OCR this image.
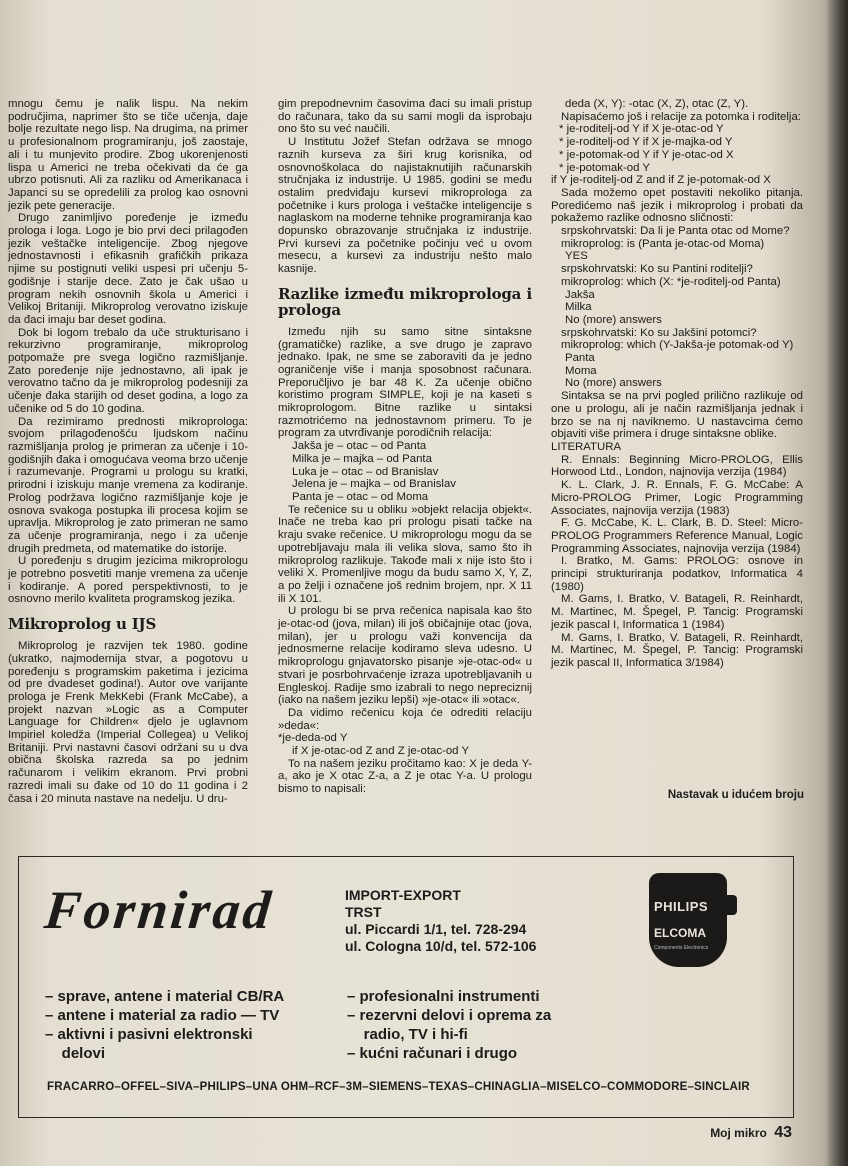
mnogu čemu je nalik lispu. Na nekim područjima, naprimer što se tiče učenja, daje bolje rezultate nego lisp. Na drugima, na primer u profesionalnom programiranju, još zaostaje, ali i tu munjevito prodire. Zbog ukorenjenosti lispa u Americi ne treba očekivati da će ga ubrzo potisnuti. Ali za razliku od Amerikanaca i Japanci su se opredelili za prolog kao osnovni jezik pete generacije.

Drugo zanimljivo poređenje je između prologa i loga. Logo je bio prvi deci prilagođen jezik veštačke inteligencije. Zbog njegove jednostavnosti i efikasnih grafičkih prikaza njime su postignuti veliki uspesi pri učenju 5-godišnje i starije dece. Zato je čak ušao u program nekih osnovnih škola u Americi i Velikoj Britaniji. Mikroprolog verovatno iziskuje da đaci imaju bar deset godina.

Dok bi logom trebalo da uče strukturisano i rekurzivno programiranje, mikroprolog potpomaže pre svega logično razmišljanje. Zato poređenje nije jednostavno, ali ipak je verovatno tačno da je mikroprolog podesniji za učenje đaka starijih od deset godina, a logo za učenike od 5 do 10 godina.

Da rezimiramo prednosti mikroprologa: svojom prilagođenošću ljudskom načinu razmišljanja prolog je primeran za učenje i 10-godišnjih đaka i omogućava veoma brzo učenje i razumevanje. Programi u prologu su kratki, prirodni i iziskuju manje vremena za kodiranje. Prolog podržava logično razmišljanje koje je osnova svakoga postupka ili procesa kojim se upravlja. Mikroprolog je zato primeran ne samo za učenje programiranja, nego i za učenje drugih predmeta, od matematike do istorije.

U poređenju s drugim jezicima mikroprologu je potrebno posvetiti manje vremena za učenje i kodiranje. A pored perspektivnosti, to je osnovno merilo kvaliteta programskog jezika.

Mikroprolog u IJS

Mikroprolog je razvijen tek 1980. godine (ukratko, najmodernija stvar, a pogotovu u poređenju s programskim paketima i jezicima od pre dvadeset godina!). Autor ove varijante prologa je Frenk MekKebi (Frank McCabe), a projekt nazvan »Logic as a Computer Language for Children« djelo je uglavnom Impiriel koledža (Imperial Collegea) u Velikoj Britaniji. Prvi nastavni časovi održani su u dva obična školska razreda sa po jednim računarom i velikim ekranom. Prvi probni razredi imali su đake od 10 do 11 godina i 2 časa i 20 minuta nastave na nedelju. U dru-

gim prepodnevnim časovima đaci su imali pristup do računara, tako da su sami mogli da isprobaju ono što su već naučili.

U Institutu Jožef Stefan održava se mnogo raznih kurseva za širi krug korisnika, od osnovnoškolaca do najistaknutijih računarskih stručnjaka iz industrije. U 1985. godini se među ostalim predviđaju kursevi mikroprologa za početnike i kurs prologa i veštačke inteligencije s naglaskom na moderne tehnike programiranja kao dopunsko obrazovanje stručnjaka iz industrije. Prvi kursevi za početnike počinju već u ovom mesecu, a kursevi za industriju nešto malo kasnije.

Razlike između mikroprologa i prologa

Između njih su samo sitne sintaksne (gramatičke) razlike, a sve drugo je zapravo jednako. Ipak, ne sme se zaboraviti da je jedno ograničenje više i manja sposobnost računara. Preporučljivo je bar 48 K. Za učenje obično koristimo program SIMPLE, koji je na kaseti s mikroprologom. Bitne razlike u sintaksi razmotrićemo na jednostavnom primeru. To je program za utvrđivanje porodičnih relacija:

Jakša je – otac – od Panta
Milka je – majka – od Panta
Luka je – otac – od Branislav
Jelena je – majka – od Branislav
Panta je – otac – od Moma

Te rečenice su u obliku »objekt relacija objekt«. Inače ne treba kao pri prologu pisati tačke na kraju svake rečenice. U mikroprologu mogu da se upotrebljavaju mala ili velika slova, samo što ih mikroprolog razlikuje. Takođe mali x nije isto što i veliki X. Promenljive mogu da budu samo X, Y, Z, a po želji i označene još rednim brojem, npr. X 11 ili X 101.

U prologu bi se prva rečenica napisala kao što je-otac-od (jova, milan) ili još običajnije otac (jova, milan), jer u prologu važi konvencija da jednosmerne relacije kodiramo sleva udesno. U mikroprologu gnjavatorsko pisanje »je-otac-od« u stvari je posrbohrvaćenje izraza upotrebljavanih u Engleskoj. Radije smo izabrali to nego nepreciznij (iako na našem jeziku lepši) »je-otac« ili »otac«.

Da vidimo rečenicu koja će odrediti relaciju »deda«:

*je-deda-od Y
if X je-otac-od Z and Z je-otac-od Y

To na našem jeziku pročitamo kao: X je deda Y-a, ako je X otac Z-a, a Z je otac Y-a. U prologu bismo to napisali:

deda (X, Y): -otac (X, Z), otac (Z, Y).

Napisaćemo još i relacije za potomka i roditelja:

* je-roditelj-od Y if X je-otac-od Y
* je-roditelj-od Y if X je-majka-od Y
* je-potomak-od Y if Y je-otac-od X
* je-potomak-od Y

if Y je-roditelj-od Z and if Z je-potomak-od X

Sada možemo opet postaviti nekoliko pitanja. Poredićemo naš jezik i mikroprolog i probati da pokažemo razlike odnosno sličnosti:

srpskohrvatski: Da li je Panta otac od Mome?

mikroprolog: is (Panta je-otac-od Moma)

YES

srpskohrvatski: Ko su Pantini roditelji?

mikroprolog: which (X: *je-roditelj-od Panta)

Jakša
Milka
No (more) answers

srpskohrvatski: Ko su Jakšini potomci?

mikroprolog: which (Y-Jakša-je potomak-od Y)

Panta
Moma
No (more) answers

Sintaksa se na prvi pogled prilično razlikuje od one u prologu, ali je način razmišljanja jednak i brzo se na nj naviknemo. U nastavcima ćemo objaviti više primera i druge sintaksne oblike.

LITERATURA

R. Ennals: Beginning Micro-PROLOG, Ellis Horwood Ltd., London, najnovija verzija (1984)

K. L. Clark, J. R. Ennals, F. G. McCabe: A Micro-PROLOG Primer, Logic Programming Associates, najnovija verzija (1983)

F. G. McCabe, K. L. Clark, B. D. Steel: Micro-PROLOG Programmers Reference Manual, Logic Programming Associates, najnovija verzija (1984)

I. Bratko, M. Gams: PROLOG: osnove in principi strukturiranja podatkov, Informatica 4 (1980)

M. Gams, I. Bratko, V. Batageli, R. Reinhardt, M. Martinec, M. Špegel, P. Tancig: Programski jezik pascal I, Informatica 1 (1984)

M. Gams, I. Bratko, V. Batageli, R. Reinhardt, M. Martinec, M. Špegel, P. Tancig: Programski jezik pascal II, Informatica 3/1984)

Nastavak u idućem broju
Fornirad	IMPORT-EXPORT
TRST
ul. Piccardi 1/1, tel. 728-294
ul. Cologna 10/d, tel. 572-106
PHILIPS
ELCOMA
Components Electronics
– sprave, antene i material CB/RA
– antene i material za radio — TV
– aktivni i pasivni elektronski
delovi
– profesionalni instrumenti
– rezervni delovi i oprema za
radio, TV i hi-fi
– kućni računari i drugo
FRACARRO–OFFEL–SIVA–PHILIPS–UNA OHM–RCF–3M–SIEMENS–TEXAS–CHINAGLIA–MISELCO–COMMODORE–SINCLAIR
Moj mikro 43
